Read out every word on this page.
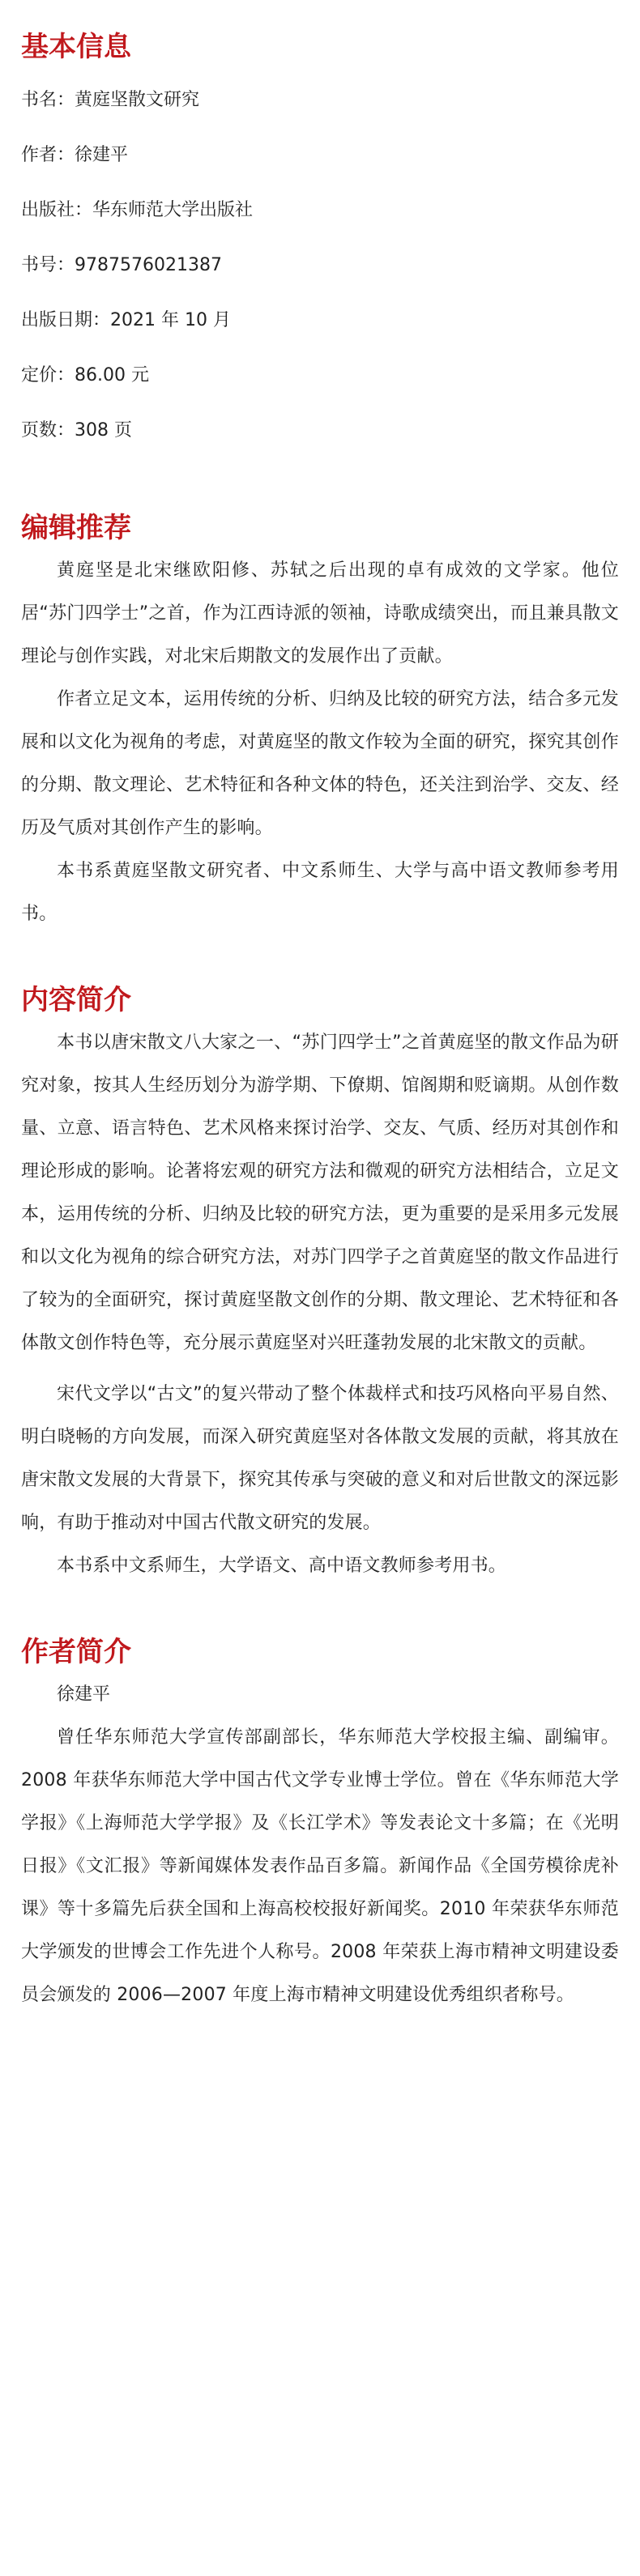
基本信息

书名：黄庭坚散文研究

作者：徐建平

出版社：华东师范大学出版社

书号：9787576021387

出版日期：2021 年 10 月

定价：86.00 元

页数：308 页

编辑推荐

黄庭坚是北宋继欧阳修、苏轼之后出现的卓有成效的文学家。他位居“苏门四学士”之首，作为江西诗派的领袖，诗歌成绩突出，而且兼具散文理论与创作实践，对北宋后期散文的发展作出了贡献。

作者立足文本，运用传统的分析、归纳及比较的研究方法，结合多元发展和以文化为视角的考虑，对黄庭坚的散文作较为全面的研究，探究其创作的分期、散文理论、艺术特征和各种文体的特色，还关注到治学、交友、经历及气质对其创作产生的影响。

本书系黄庭坚散文研究者、中文系师生、大学与高中语文教师参考用书。

内容简介

本书以唐宋散文八大家之一、“苏门四学士”之首黄庭坚的散文作品为研究对象，按其人生经历划分为游学期、下僚期、馆阁期和贬谪期。从创作数量、立意、语言特色、艺术风格来探讨治学、交友、气质、经历对其创作和理论形成的影响。论著将宏观的研究方法和微观的研究方法相结合，立足文本，运用传统的分析、归纳及比较的研究方法，更为重要的是采用多元发展和以文化为视角的综合研究方法，对苏门四学子之首黄庭坚的散文作品进行了较为的全面研究，探讨黄庭坚散文创作的分期、散文理论、艺术特征和各体散文创作特色等，充分展示黄庭坚对兴旺蓬勃发展的北宋散文的贡献。

宋代文学以“古文”的复兴带动了整个体裁样式和技巧风格向平易自然、明白晓畅的方向发展，而深入研究黄庭坚对各体散文发展的贡献，将其放在唐宋散文发展的大背景下，探究其传承与突破的意义和对后世散文的深远影响，有助于推动对中国古代散文研究的发展。

本书系中文系师生，大学语文、高中语文教师参考用书。

作者简介

徐建平

曾任华东师范大学宣传部副部长，华东师范大学校报主编、副编审。2008 年获华东师范大学中国古代文学专业博士学位。曾在《华东师范大学学报》《上海师范大学学报》及《长江学术》等发表论文十多篇；在《光明日报》《文汇报》等新闻媒体发表作品百多篇。新闻作品《全国劳模徐虎补课》等十多篇先后获全国和上海高校校报好新闻奖。2010 年荣获华东师范大学颁发的世博会工作先进个人称号。2008 年荣获上海市精神文明建设委员会颁发的 2006—2007 年度上海市精神文明建设优秀组织者称号。
